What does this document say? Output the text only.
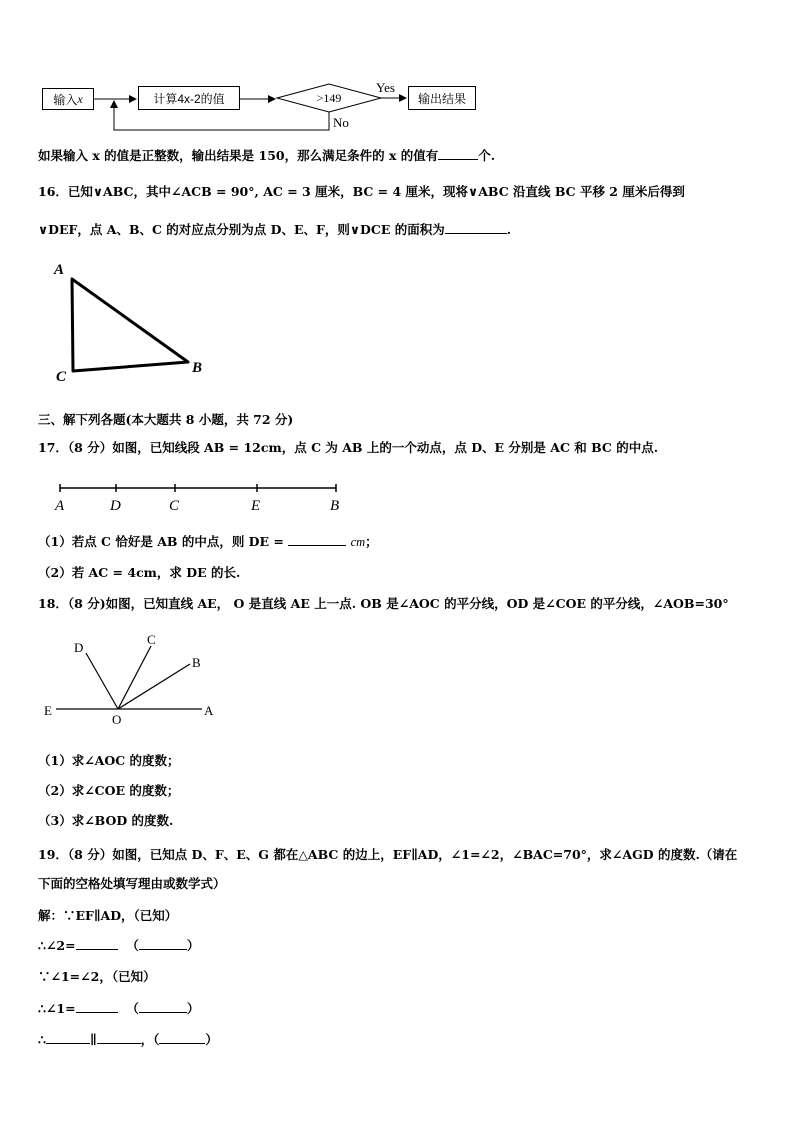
输入 x	计算4x-2的值	输出结果
>149
Yes
No
如果输入 x 的值是正整数，输出结果是 150，那么满足条件的 x 的值有	个.
16．已知∨ABC，其中∠ACB = 90°, AC = 3 厘米，BC = 4 厘米，现将∨ABC 沿直线 BC 平移 2 厘米后得到
∨DEF，点 A、B、C 的对应点分别为点 D、E、F，则∨DCE 的面积为	.
A
C
B
三、解下列各题(本大题共 8 小题，共 72 分)
17．（8 分）如图，已知线段 AB = 12cm，点 C 为 AB 上的一个动点，点 D、E 分别是 AC 和 BC 的中点.
A	D	C	E	B
（1）若点 C 恰好是 AB 的中点，则 DE =	cm；
（2）若 AC = 4cm，求 DE 的长.
18．（8 分)如图，已知直线 AE， O 是直线 AE 上一点. OB 是∠AOC 的平分线，OD 是∠COE 的平分线，∠AOB=30°
D
C
B
E
O
A
（1）求∠AOC 的度数；
（2）求∠COE 的度数；
（3）求∠BOD 的度数.
19．（8 分）如图，已知点 D、F、E、G 都在△ABC 的边上，EF∥AD，∠1=∠2，∠BAC=70°，求∠AGD 的度数.（请在
下面的空格处填写理由或数学式）
解：∵EF∥AD，（已知）
∴∠2=	（	）
∵∠1=∠2，（已知）
∴∠1=	（	）
∴	∥	，（	）
